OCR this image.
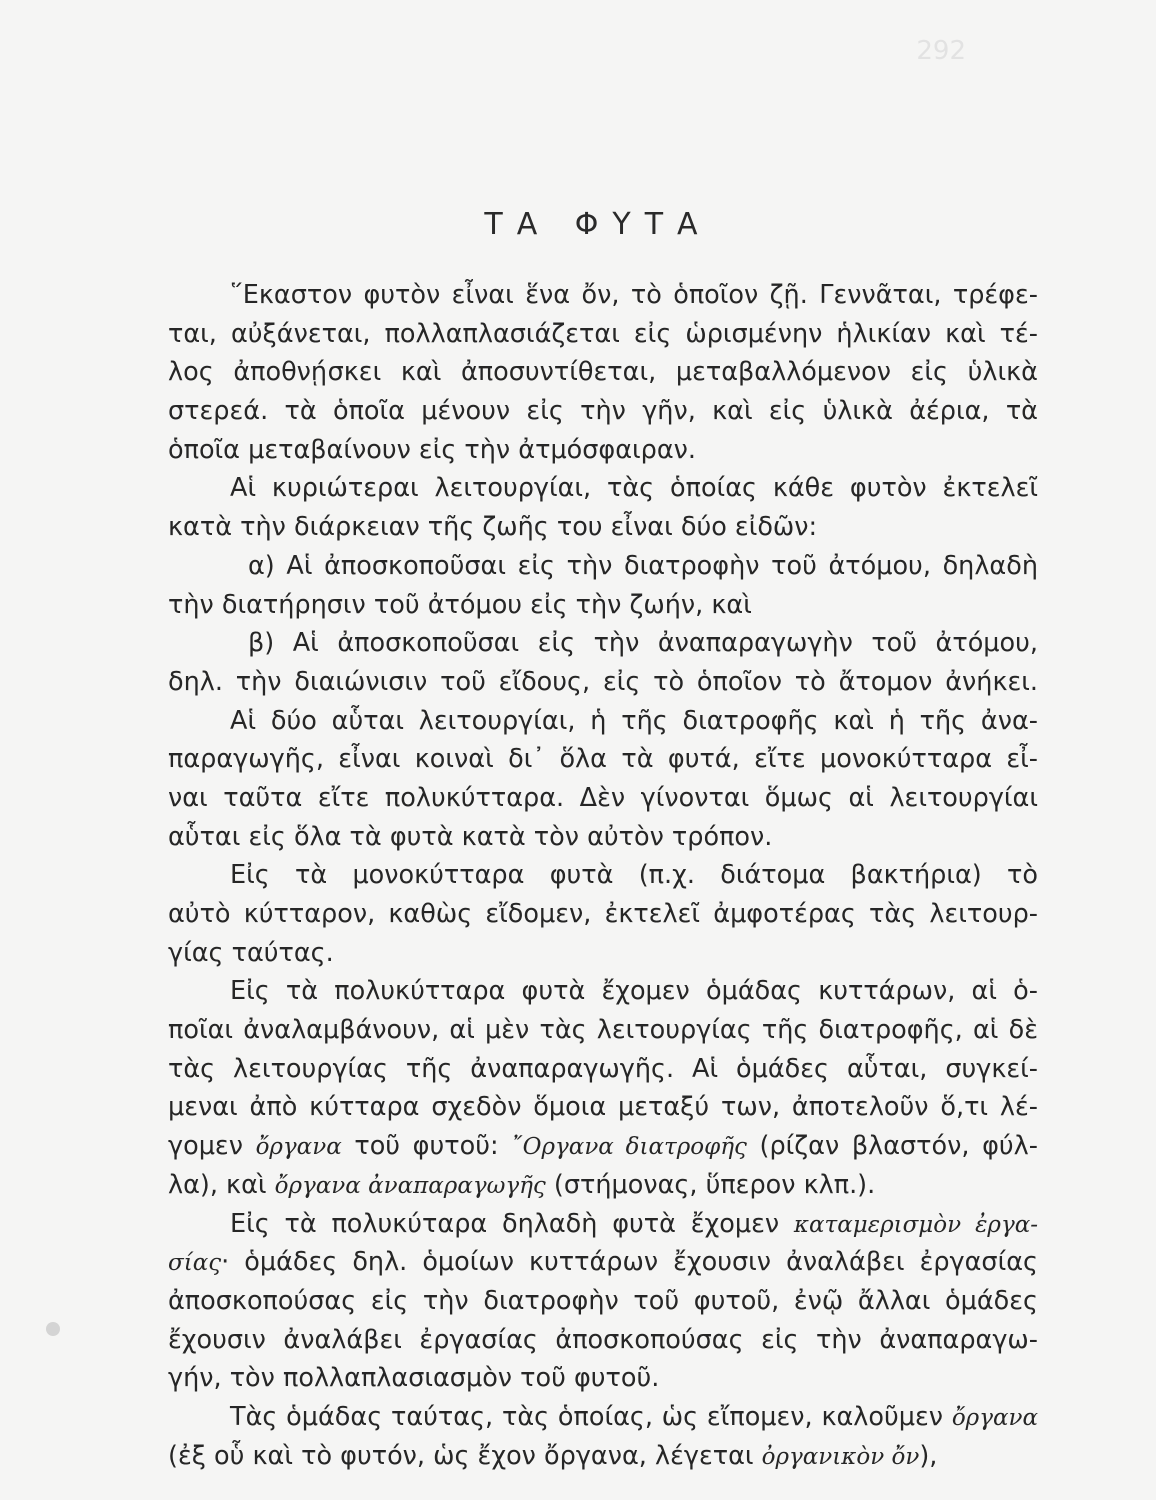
292
ΤΑ ΦΥΤΑ
῞Εκαστον φυτὸν εἶναι ἕνα ὄν, τὸ ὁποῖον ζῇ. Γεννᾶται, τρέφε-
ται, αὐξάνεται, πολλαπλασιάζεται εἰς ὡρισμένην ἡλικίαν καὶ τέ-
λος ἀποθνῄσκει καὶ ἀποσυντίθεται, μεταβαλλόμενον εἰς ὑλικὰ
στερεά. τὰ ὁποῖα μένουν εἰς τὴν γῆν, καὶ εἰς ὑλικὰ ἀέρια, τὰ
ὁποῖα μεταβαίνουν εἰς τὴν ἀτμόσφαιραν.
Αἱ κυριώτεραι λειτουργίαι, τὰς ὁποίας κάθε φυτὸν ἐκτελεῖ
κατὰ τὴν διάρκειαν τῆς ζωῆς του εἶναι δύο εἰδῶν:
α) Αἱ ἀποσκοποῦσαι εἰς τὴν διατροφὴν τοῦ ἀτόμου, δηλαδὴ
τὴν διατήρησιν τοῦ ἀτόμου εἰς τὴν ζωήν, καὶ
β) Αἱ ἀποσκοποῦσαι εἰς τὴν ἀναπαραγωγὴν τοῦ ἀτόμου,
δηλ. τὴν διαιώνισιν τοῦ εἴδους, εἰς τὸ ὁποῖον τὸ ἄτομον ἀνήκει.
Αἱ δύο αὗται λειτουργίαι, ἡ τῆς διατροφῆς καὶ ἡ τῆς ἀνα-
παραγωγῆς, εἶναι κοιναὶ δι᾿ ὅλα τὰ φυτά, εἴτε μονοκύτταρα εἶ-
ναι ταῦτα εἴτε πολυκύτταρα. Δὲν γίνονται ὅμως αἱ λειτουργίαι
αὗται εἰς ὅλα τὰ φυτὰ κατὰ τὸν αὐτὸν τρόπον.
Εἰς τὰ μονοκύτταρα φυτὰ (π.χ. διάτομα βακτήρια) τὸ
αὐτὸ κύτταρον, καθὼς εἴδομεν, ἐκτελεῖ ἀμφοτέρας τὰς λειτουρ-
γίας ταύτας.
Εἰς τὰ πολυκύτταρα φυτὰ ἔχομεν ὁμάδας κυττάρων, αἱ ὁ-
ποῖαι ἀναλαμβάνουν, αἱ μὲν τὰς λειτουργίας τῆς διατροφῆς, αἱ δὲ
τὰς λειτουργίας τῆς ἀναπαραγωγῆς. Αἱ ὁμάδες αὗται, συγκεί-
μεναι ἀπὸ κύτταρα σχεδὸν ὅμοια μεταξύ των, ἀποτελοῦν ὅ,τι λέ-
γομεν ὄργανα τοῦ φυτοῦ: ῎Οργανα διατροφῆς (ρίζαν βλαστόν, φύλ-
λα), καὶ ὄργανα ἀναπαραγωγῆς (στήμονας, ὕπερον κλπ.).
Εἰς τὰ πολυκύταρα δηλαδὴ φυτὰ ἔχομεν καταμερισμὸν ἐργα-
σίας· ὁμάδες δηλ. ὁμοίων κυττάρων ἔχουσιν ἀναλάβει ἐργασίας
ἀποσκοπούσας εἰς τὴν διατροφὴν τοῦ φυτοῦ, ἐνῷ ἄλλαι ὁμάδες
ἔχουσιν ἀναλάβει ἐργασίας ἀποσκοπούσας εἰς τὴν ἀναπαραγω-
γήν, τὸν πολλαπλασιασμὸν τοῦ φυτοῦ.
Τὰς ὁμάδας ταύτας, τὰς ὁποίας, ὡς εἴπομεν, καλοῦμεν ὄργανα
(ἐξ οὗ καὶ τὸ φυτόν, ὡς ἔχον ὄργανα, λέγεται ὀργανικὸν ὄν),
